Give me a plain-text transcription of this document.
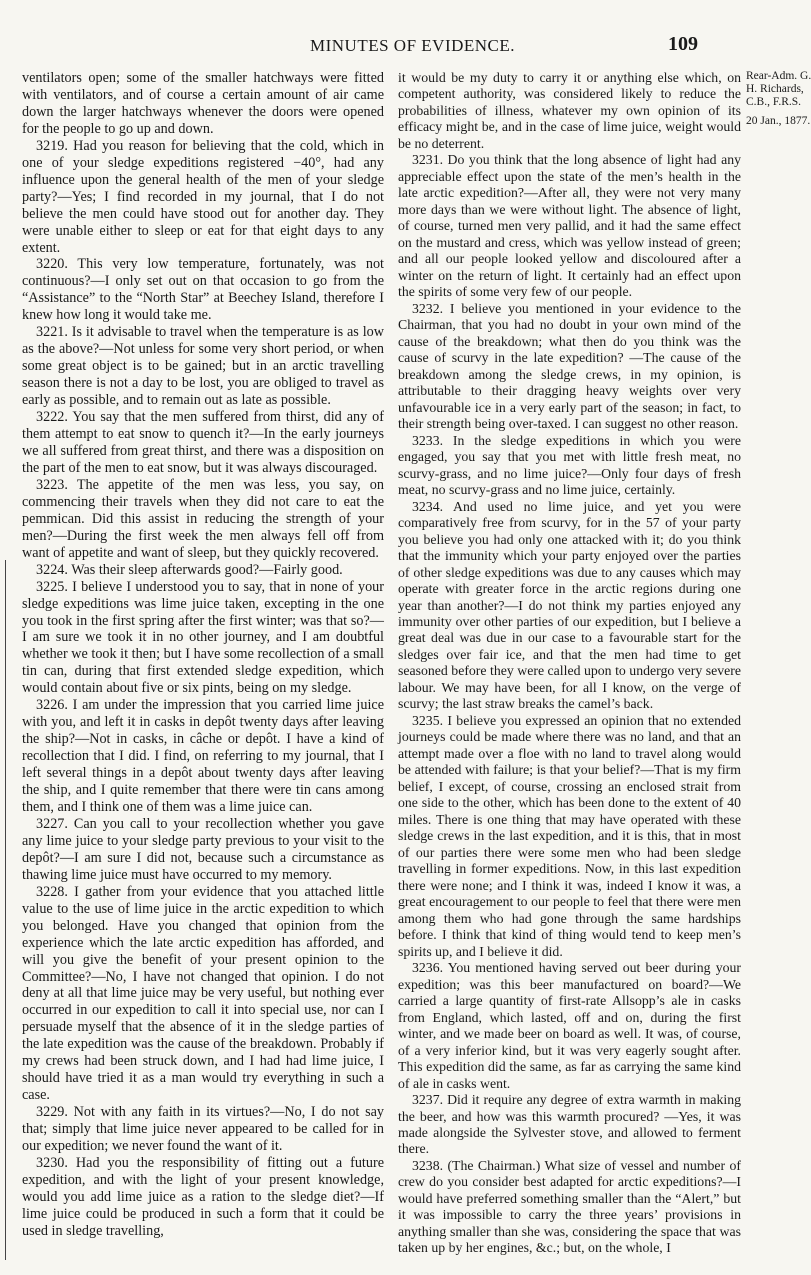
MINUTES OF EVIDENCE.	109

ventilators open; some of the smaller hatchways were fitted with ventilators, and of course a certain amount of air came down the larger hatchways whenever the doors were opened for the people to go up and down.

3219. Had you reason for believing that the cold, which in one of your sledge expeditions registered −40°, had any influence upon the general health of the men of your sledge party?—Yes; I find recorded in my journal, that I do not believe the men could have stood out for another day. They were unable either to sleep or eat for that eight days to any extent.

3220. This very low temperature, fortunately, was not continuous?—I only set out on that occasion to go from the “Assistance” to the “North Star” at Beechey Island, therefore I knew how long it would take me.

3221. Is it advisable to travel when the temperature is as low as the above?—Not unless for some very short period, or when some great object is to be gained; but in an arctic travelling season there is not a day to be lost, you are obliged to travel as early as possible, and to remain out as late as possible.

3222. You say that the men suffered from thirst, did any of them attempt to eat snow to quench it?—In the early journeys we all suffered from great thirst, and there was a disposition on the part of the men to eat snow, but it was always discouraged.

3223. The appetite of the men was less, you say, on commencing their travels when they did not care to eat the pemmican. Did this assist in reducing the strength of your men?—During the first week the men always fell off from want of appetite and want of sleep, but they quickly recovered.

3224. Was their sleep afterwards good?—Fairly good.

3225. I believe I understood you to say, that in none of your sledge expeditions was lime juice taken, excepting in the one you took in the first spring after the first winter; was that so?—I am sure we took it in no other journey, and I am doubtful whether we took it then; but I have some recollection of a small tin can, during that first extended sledge expedition, which would contain about five or six pints, being on my sledge.

3226. I am under the impression that you carried lime juice with you, and left it in casks in depôt twenty days after leaving the ship?—Not in casks, in câche or depôt. I have a kind of recollection that I did. I find, on referring to my journal, that I left several things in a depôt about twenty days after leaving the ship, and I quite remember that there were tin cans among them, and I think one of them was a lime juice can.

3227. Can you call to your recollection whether you gave any lime juice to your sledge party previous to your visit to the depôt?—I am sure I did not, because such a circumstance as thawing lime juice must have occurred to my memory.

3228. I gather from your evidence that you attached little value to the use of lime juice in the arctic expedition to which you belonged. Have you changed that opinion from the experience which the late arctic expedition has afforded, and will you give the benefit of your present opinion to the Committee?—No, I have not changed that opinion. I do not deny at all that lime juice may be very useful, but nothing ever occurred in our expedition to call it into special use, nor can I persuade myself that the absence of it in the sledge parties of the late expedition was the cause of the breakdown. Probably if my crews had been struck down, and I had had lime juice, I should have tried it as a man would try everything in such a case.

3229. Not with any faith in its virtues?—No, I do not say that; simply that lime juice never appeared to be called for in our expedition; we never found the want of it.

3230. Had you the responsibility of fitting out a future expedition, and with the light of your present knowledge, would you add lime juice as a ration to the sledge diet?—If lime juice could be produced in such a form that it could be used in sledge travelling,

it would be my duty to carry it or anything else which, on competent authority, was considered likely to reduce the probabilities of illness, whatever my own opinion of its efficacy might be, and in the case of lime juice, weight would be no deterrent.

3231. Do you think that the long absence of light had any appreciable effect upon the state of the men’s health in the late arctic expedition?—After all, they were not very many more days than we were without light. The absence of light, of course, turned men very pallid, and it had the same effect on the mustard and cress, which was yellow instead of green; and all our people looked yellow and discoloured after a winter on the return of light. It certainly had an effect upon the spirits of some very few of our people.

3232. I believe you mentioned in your evidence to the Chairman, that you had no doubt in your own mind of the cause of the breakdown; what then do you think was the cause of scurvy in the late expedition? —The cause of the breakdown among the sledge crews, in my opinion, is attributable to their dragging heavy weights over very unfavourable ice in a very early part of the season; in fact, to their strength being over-taxed. I can suggest no other reason.

3233. In the sledge expeditions in which you were engaged, you say that you met with little fresh meat, no scurvy-grass, and no lime juice?—Only four days of fresh meat, no scurvy-grass and no lime juice, certainly.

3234. And used no lime juice, and yet you were comparatively free from scurvy, for in the 57 of your party you believe you had only one attacked with it; do you think that the immunity which your party enjoyed over the parties of other sledge expeditions was due to any causes which may operate with greater force in the arctic regions during one year than another?—I do not think my parties enjoyed any immunity over other parties of our expedition, but I believe a great deal was due in our case to a favourable start for the sledges over fair ice, and that the men had time to get seasoned before they were called upon to undergo very severe labour. We may have been, for all I know, on the verge of scurvy; the last straw breaks the camel’s back.

3235. I believe you expressed an opinion that no extended journeys could be made where there was no land, and that an attempt made over a floe with no land to travel along would be attended with failure; is that your belief?—That is my firm belief, I except, of course, crossing an enclosed strait from one side to the other, which has been done to the extent of 40 miles. There is one thing that may have operated with these sledge crews in the last expedition, and it is this, that in most of our parties there were some men who had been sledge travelling in former expeditions. Now, in this last expedition there were none; and I think it was, indeed I know it was, a great encouragement to our people to feel that there were men among them who had gone through the same hardships before. I think that kind of thing would tend to keep men’s spirits up, and I believe it did.

3236. You mentioned having served out beer during your expedition; was this beer manufactured on board?—We carried a large quantity of first-rate Allsopp’s ale in casks from England, which lasted, off and on, during the first winter, and we made beer on board as well. It was, of course, of a very inferior kind, but it was very eagerly sought after. This expedition did the same, as far as carrying the same kind of ale in casks went.

3237. Did it require any degree of extra warmth in making the beer, and how was this warmth procured? —Yes, it was made alongside the Sylvester stove, and allowed to ferment there.

3238. (The Chairman.) What size of vessel and number of crew do you consider best adapted for arctic expeditions?—I would have preferred something smaller than the “Alert,” but it was impossible to carry the three years’ provisions in anything smaller than she was, considering the space that was taken up by her engines, &c.; but, on the whole, I

Rear-Adm. G.
H. Richards,
C.B., F.R.S.
20 Jan., 1877.
